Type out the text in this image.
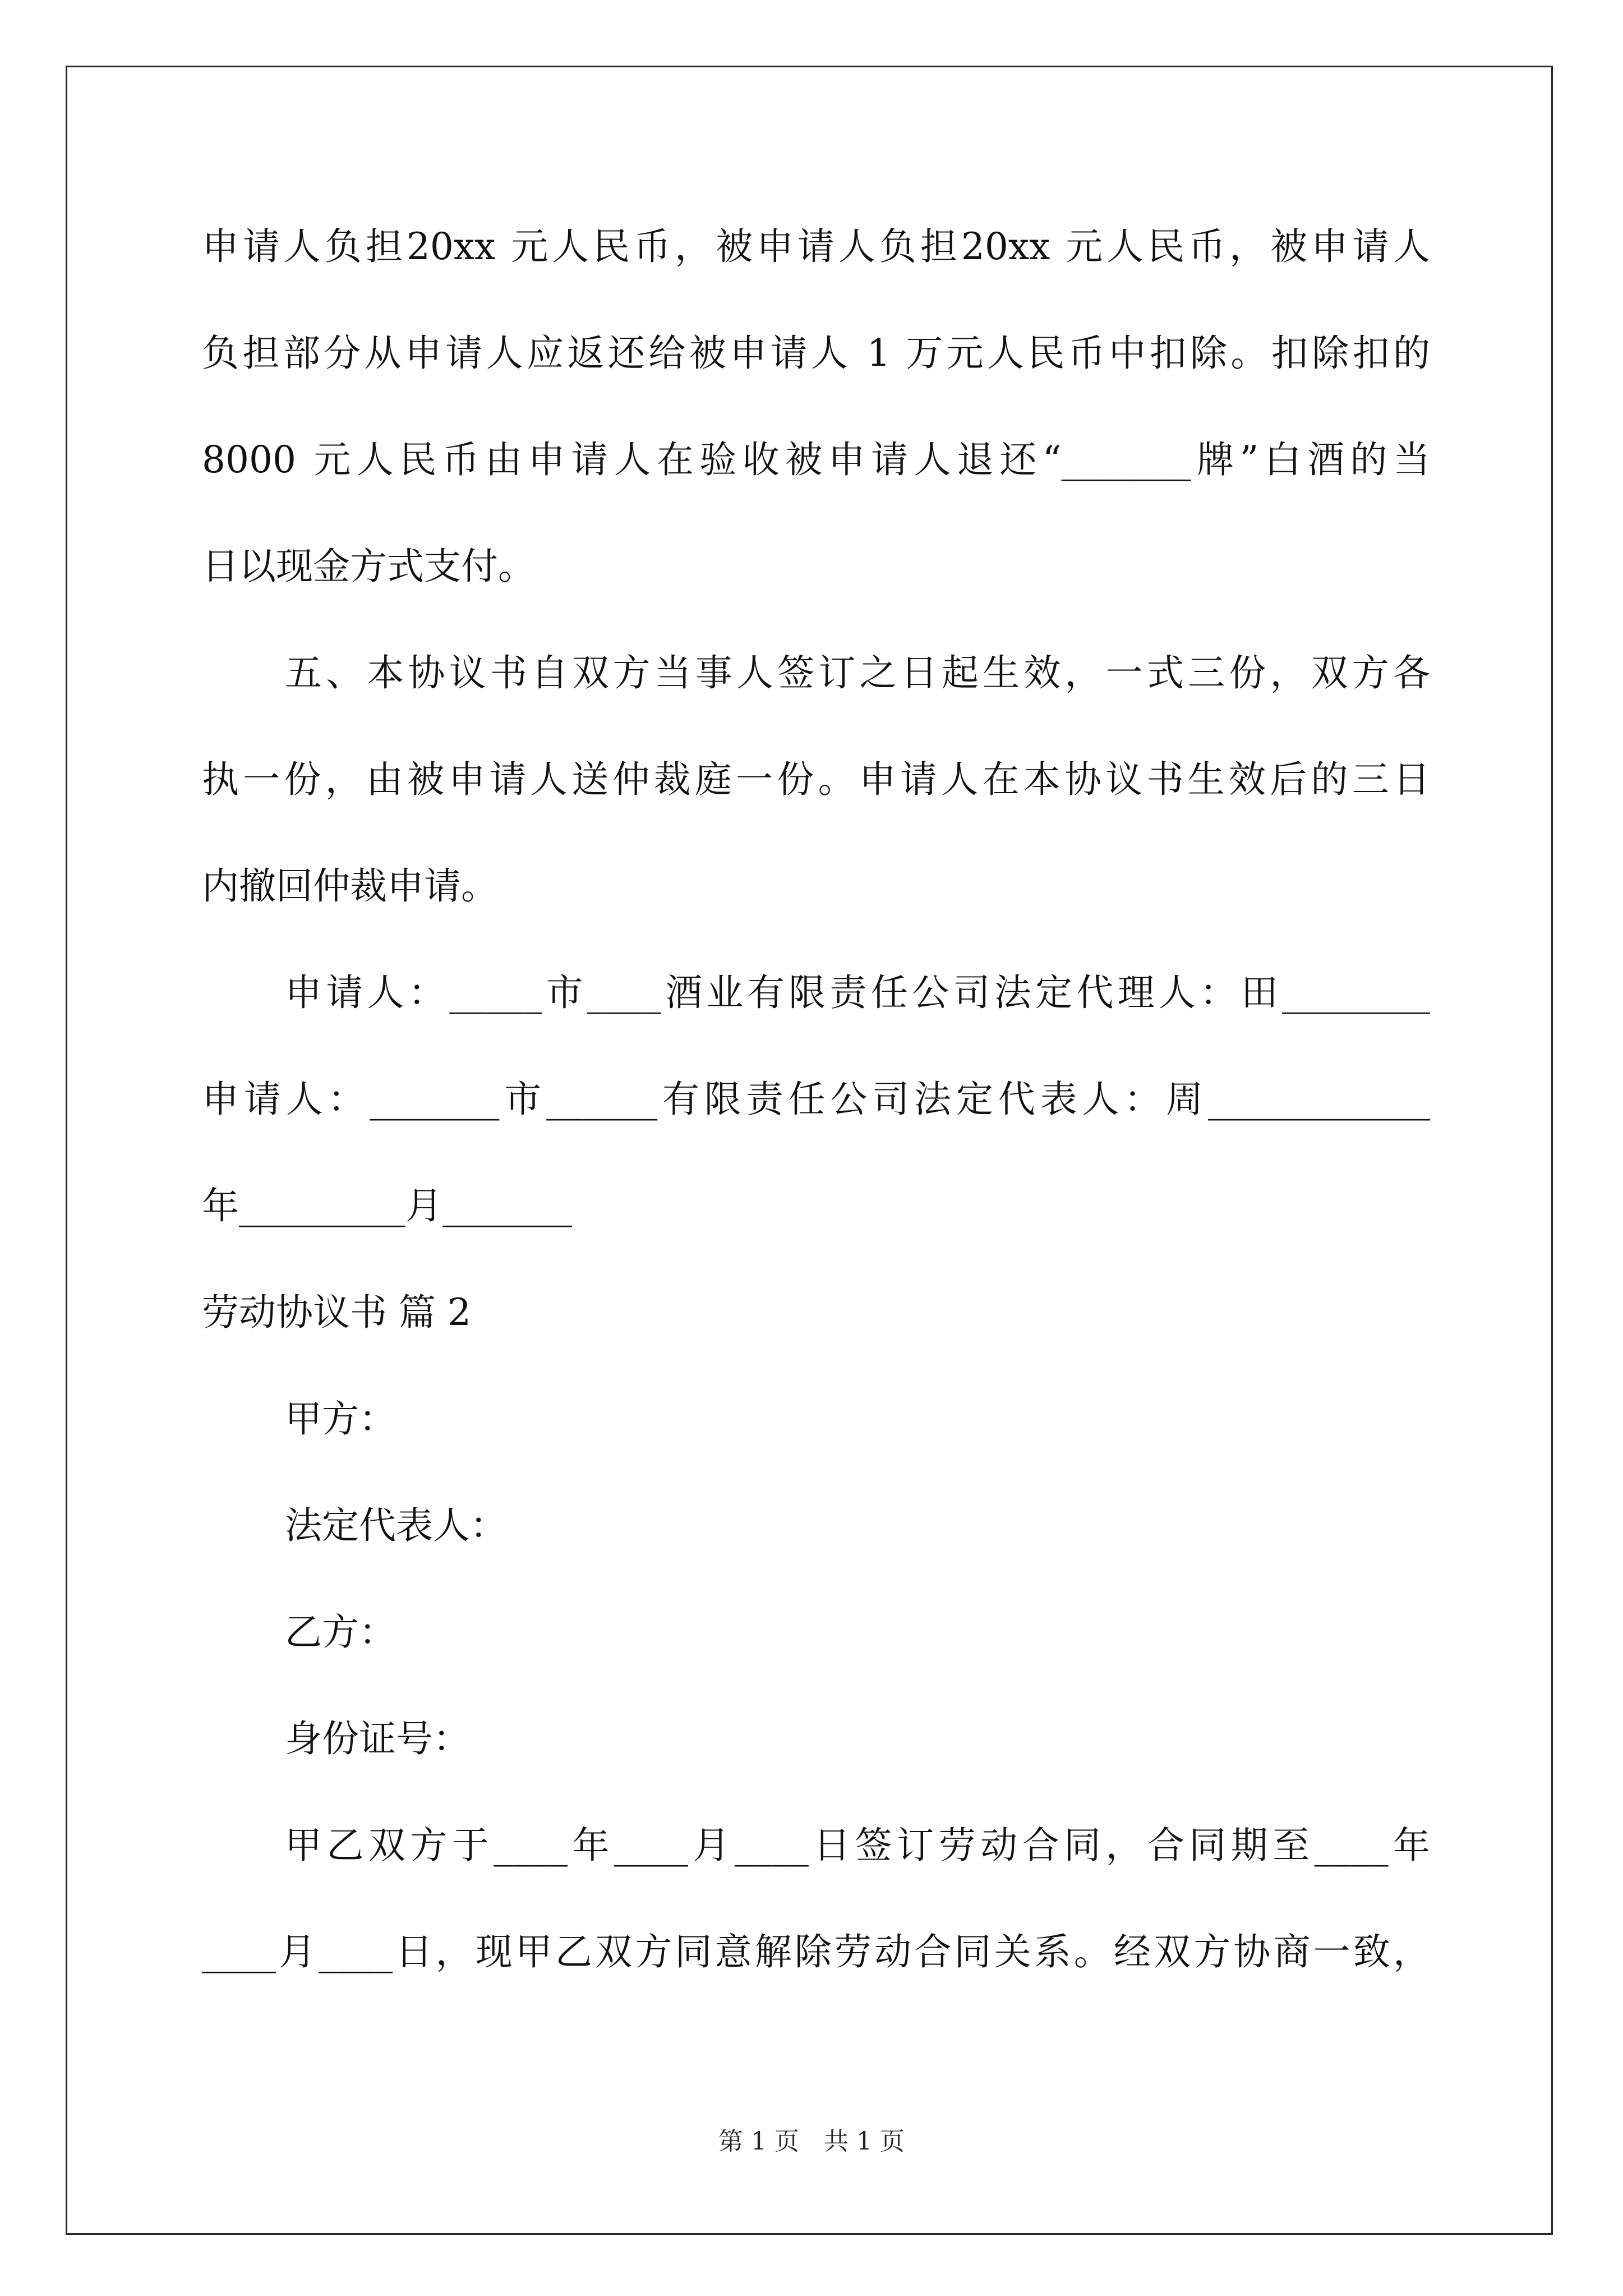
申请人负担20xx 元人民币，被申请人负担20xx 元人民币，被申请人
负担部分从申请人应返还给被申请人 1 万元人民币中扣除。扣除扣的
8000 元人民币由申请人在验收被申请人退还“_______牌”白酒的当
日以现金方式支付。
五、本协议书自双方当事人签订之日起生效，一式三份，双方各
执一份，由被申请人送仲裁庭一份。申请人在本协议书生效后的三日
内撤回仲裁申请。
申请人：_____市____酒业有限责任公司法定代理人：田________
申请人：_______市______有限责任公司法定代表人：周____________
年_________月_______
劳动协议书 篇 2
甲方：
法定代表人：
乙方：
身份证号：
甲乙双方于____年____月____日签订劳动合同，合同期至____年
____月____日，现甲乙双方同意解除劳动合同关系。经双方协商一致，
第 1 页　共 1 页
